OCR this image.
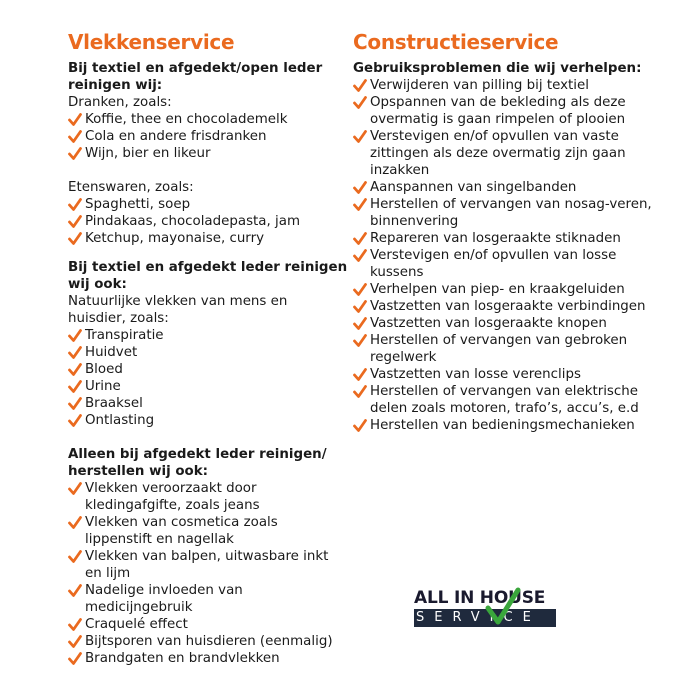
Vlekkenservice

Bij textiel en afgedekt/open leder reinigen wij:

Dranken, zoals:

Koffie, thee en chocolademelk
Cola en andere frisdranken
Wijn, bier en likeur

Etenswaren, zoals:

Spaghetti, soep
Pindakaas, chocoladepasta, jam
Ketchup, mayonaise, curry

Bij textiel en afgedekt leder reinigen wij ook:

Natuurlijke vlekken van mens en huisdier, zoals:

Transpiratie
Huidvet
Bloed
Urine
Braaksel
Ontlasting

Alleen bij afgedekt leder reinigen/ herstellen wij ook:

Vlekken veroorzaakt door kledingafgifte, zoals jeans
Vlekken van cosmetica zoals lippenstift en nagellak
Vlekken van balpen, uitwasbare inkt en lijm
Nadelige invloeden van medicijngebruik
Craquelé effect
Bijtsporen van huisdieren (eenmalig)
Brandgaten en brandvlekken
Constructieservice

Gebruiksproblemen die wij verhelpen:

Verwijderen van pilling bij textiel
Opspannen van de bekleding als deze overmatig is gaan rimpelen of plooien
Verstevigen en/of opvullen van vaste zittingen als deze overmatig zijn gaan inzakken
Aanspannen van singelbanden
Herstellen of vervangen van nosag-veren, binnenvering
Repareren van losgeraakte stiknaden
Verstevigen en/of opvullen van losse kussens
Verhelpen van piep- en kraakgeluiden
Vastzetten van losgeraakte verbindingen
Vastzetten van losgeraakte knopen
Herstellen of vervangen van gebroken regelwerk
Vastzetten van losse verenclips
Herstellen of vervangen van elektrische delen zoals motoren, trafo’s, accu’s, e.d
Herstellen van bedieningsmechanieken
ALL IN HOUSE
SERVICE
